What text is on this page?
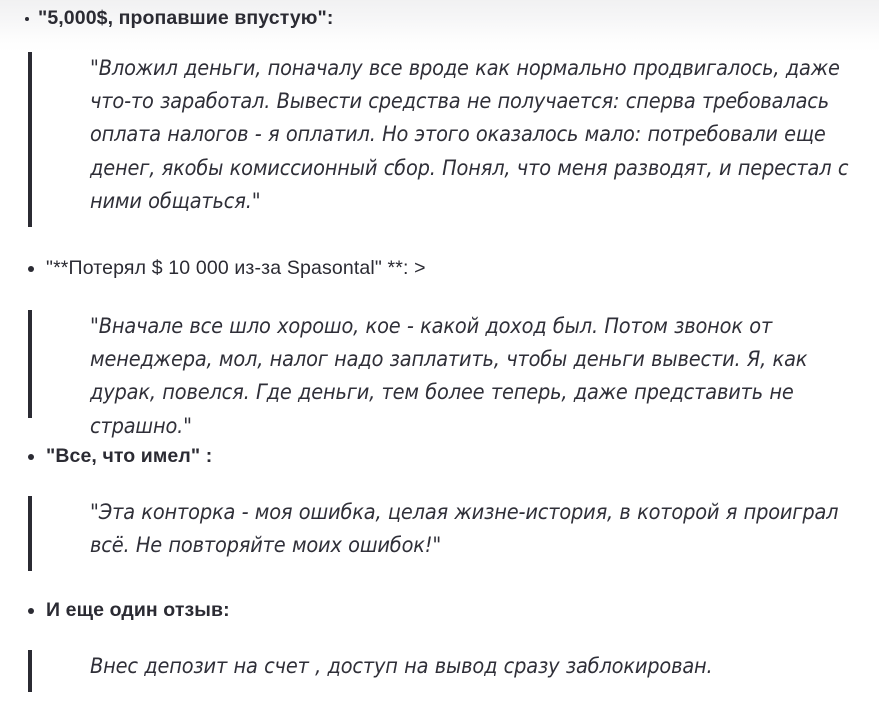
"5,000$, пропавшие впустую":

"Вложил деньги, поначалу все вроде как нормально продвигалось, даже что-то заработал. Вывести средства не получается: сперва требовалась оплата налогов - я оплатил. Но этого оказалось мало: потребовали еще денег, якобы комиссионный сбор. Понял, что меня разводят, и перестал с ними общаться."

"**Потерял $ 10 000 из-за Spasontal" **: >

"Вначале все шло хорошо, кое - какой доход был. Потом звонок от менеджера, мол, налог надо заплатить, чтобы деньги вывести. Я, как дурак, повелся. Где деньги, тем более теперь, даже представить не страшно."

"Все, что имел" :

"Эта конторка - моя ошибка, целая жизне-история, в которой я проиграл всё. Не повторяйте моих ошибок!"

И еще один отзыв:

Внес депозит на счет , доступ на вывод сразу заблокирован.
